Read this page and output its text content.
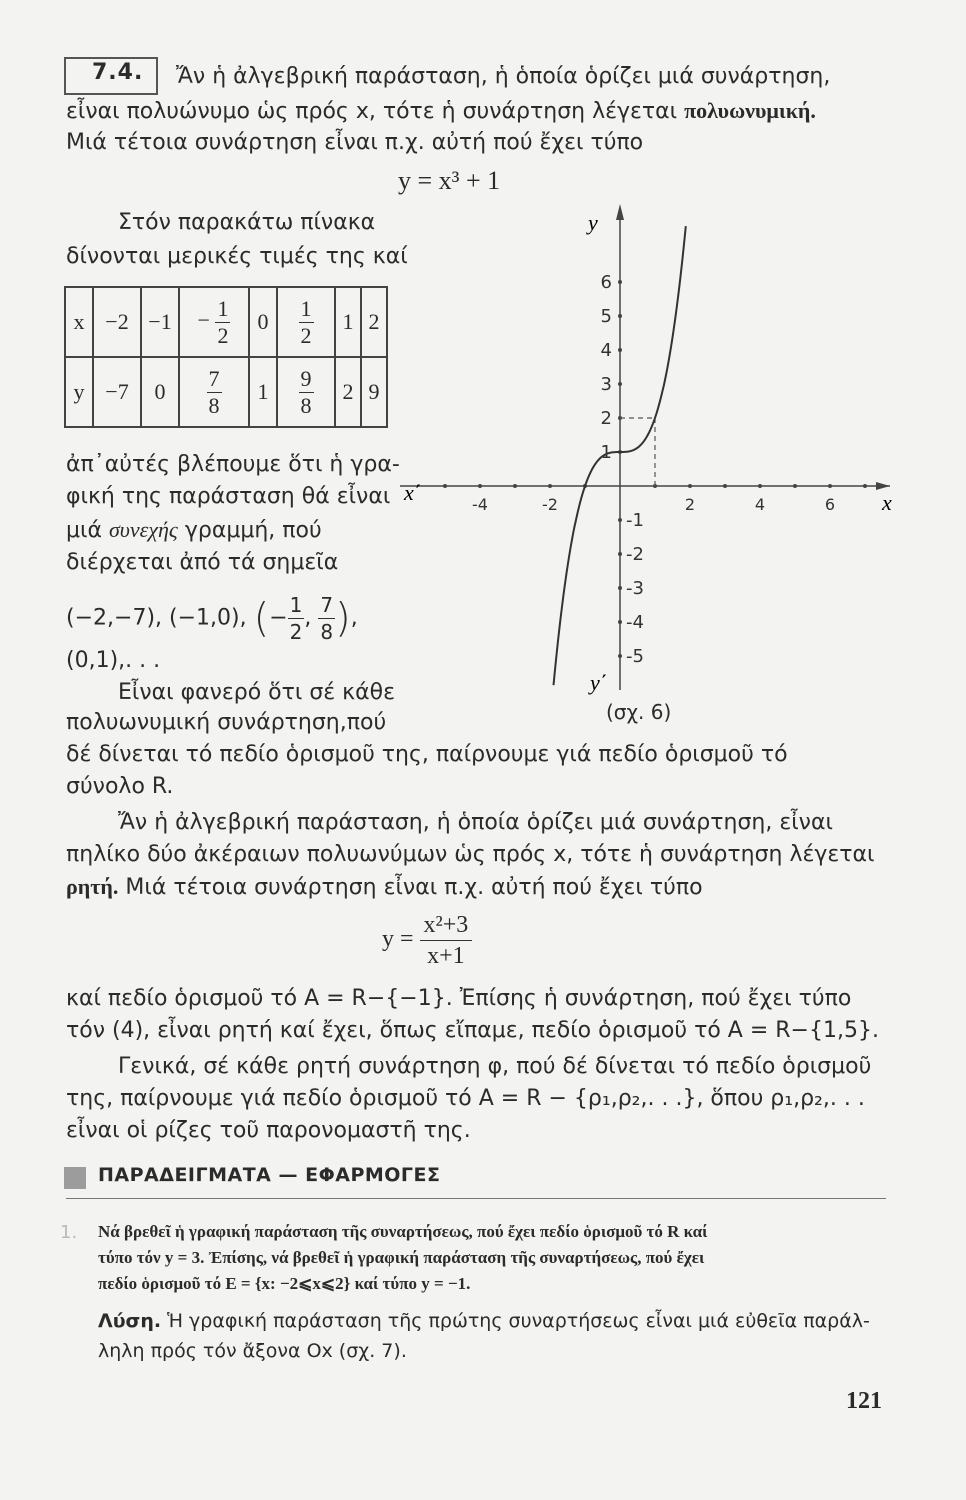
7.4. Ἄν ἡ ἀλγεβρική παράσταση, ἡ ὁποία ὁρίζει μιά συνάρτηση,
εἶναι πολυώνυμο ὡς πρός x, τότε ἡ συνάρτηση λέγεται πολυωνυμική.
Μιά τέτοια συνάρτηση εἶναι π.χ. αὐτή πού ἔχει τύπο
y = x³ + 1
Στόν παρακάτω πίνακα
δίνονται μερικές τιμές της καί
x	−2	−1	− $\frac{1}{2}$	0	$\frac{1}{2}$	1	2
y	−7	0	$\frac{7}{8}$	1	$\frac{9}{8}$	2	9
ἀπ᾽αὐτές βλέπουμε ὅτι ἡ γρα-
φική της παράσταση θά εἶναι
μιά συνεχής γραμμή, πού
διέρχεται ἀπό τά σημεῖα
(−2,−7), (−1,0), (− $\frac{1}{2}$ , $\frac{7}{8}$ ),
(0,1),. . .
Εἶναι φανερό ὅτι σέ κάθε
πολυωνυμική συνάρτηση,πού
-4	-2	2	4	6
1
2
3
4
5
6
-1
-2
-3
-4
-5
x
x΄
y
y΄
(σχ. 6)
δέ δίνεται τό πεδίο ὁρισμοῦ της, παίρνουμε γιά πεδίο ὁρισμοῦ τό
σύνολο R.
Ἄν ἡ ἀλγεβρική παράσταση, ἡ ὁποία ὁρίζει μιά συνάρτηση, εἶναι
πηλίκο δύο ἀκέραιων πολυωνύμων ὡς πρός x, τότε ἡ συνάρτηση λέγεται
ρητή. Μιά τέτοια συνάρτηση εἶναι π.χ. αὐτή πού ἔχει τύπο
$y = \frac{\text{x²+3}}{x+1}$
καί πεδίο ὁρισμοῦ τό A = R−{−1}. Ἐπίσης ἡ συνάρτηση, πού ἔχει τύπο
τόν (4), εἶναι ρητή καί ἔχει, ὅπως εἴπαμε, πεδίο ὁρισμοῦ τό A = R−{1,5}.
Γενικά, σέ κάθε ρητή συνάρτηση φ, πού δέ δίνεται τό πεδίο ὁρισμοῦ
της, παίρνουμε γιά πεδίο ὁρισμοῦ τό A = R − {ρ₁,ρ₂,. . .}, ὅπου ρ₁,ρ₂,. . .
εἶναι οἱ ρίζες τοῦ παρονομαστῆ της.
ΠΑΡΑΔΕΙΓΜΑΤΑ — ΕΦΑΡΜΟΓΕΣ
1. Νά βρεθεῖ ἡ γραφική παράσταση τῆς συναρτήσεως, πού ἔχει πεδίο ὁρισμοῦ τό R καί
τύπο τόν y = 3. Ἐπίσης, νά βρεθεῖ ἡ γραφική παράσταση τῆς συναρτήσεως, πού ἔχει
πεδίο ὁρισμοῦ τό E = {x: −2⩽x⩽2} καί τύπο y = −1.
Λύση. Ἡ γραφική παράσταση τῆς πρώτης συναρτήσεως εἶναι μιά εὐθεῖα παράλ-
ληλη πρός τόν ἄξονα Ox (σχ. 7).
121
